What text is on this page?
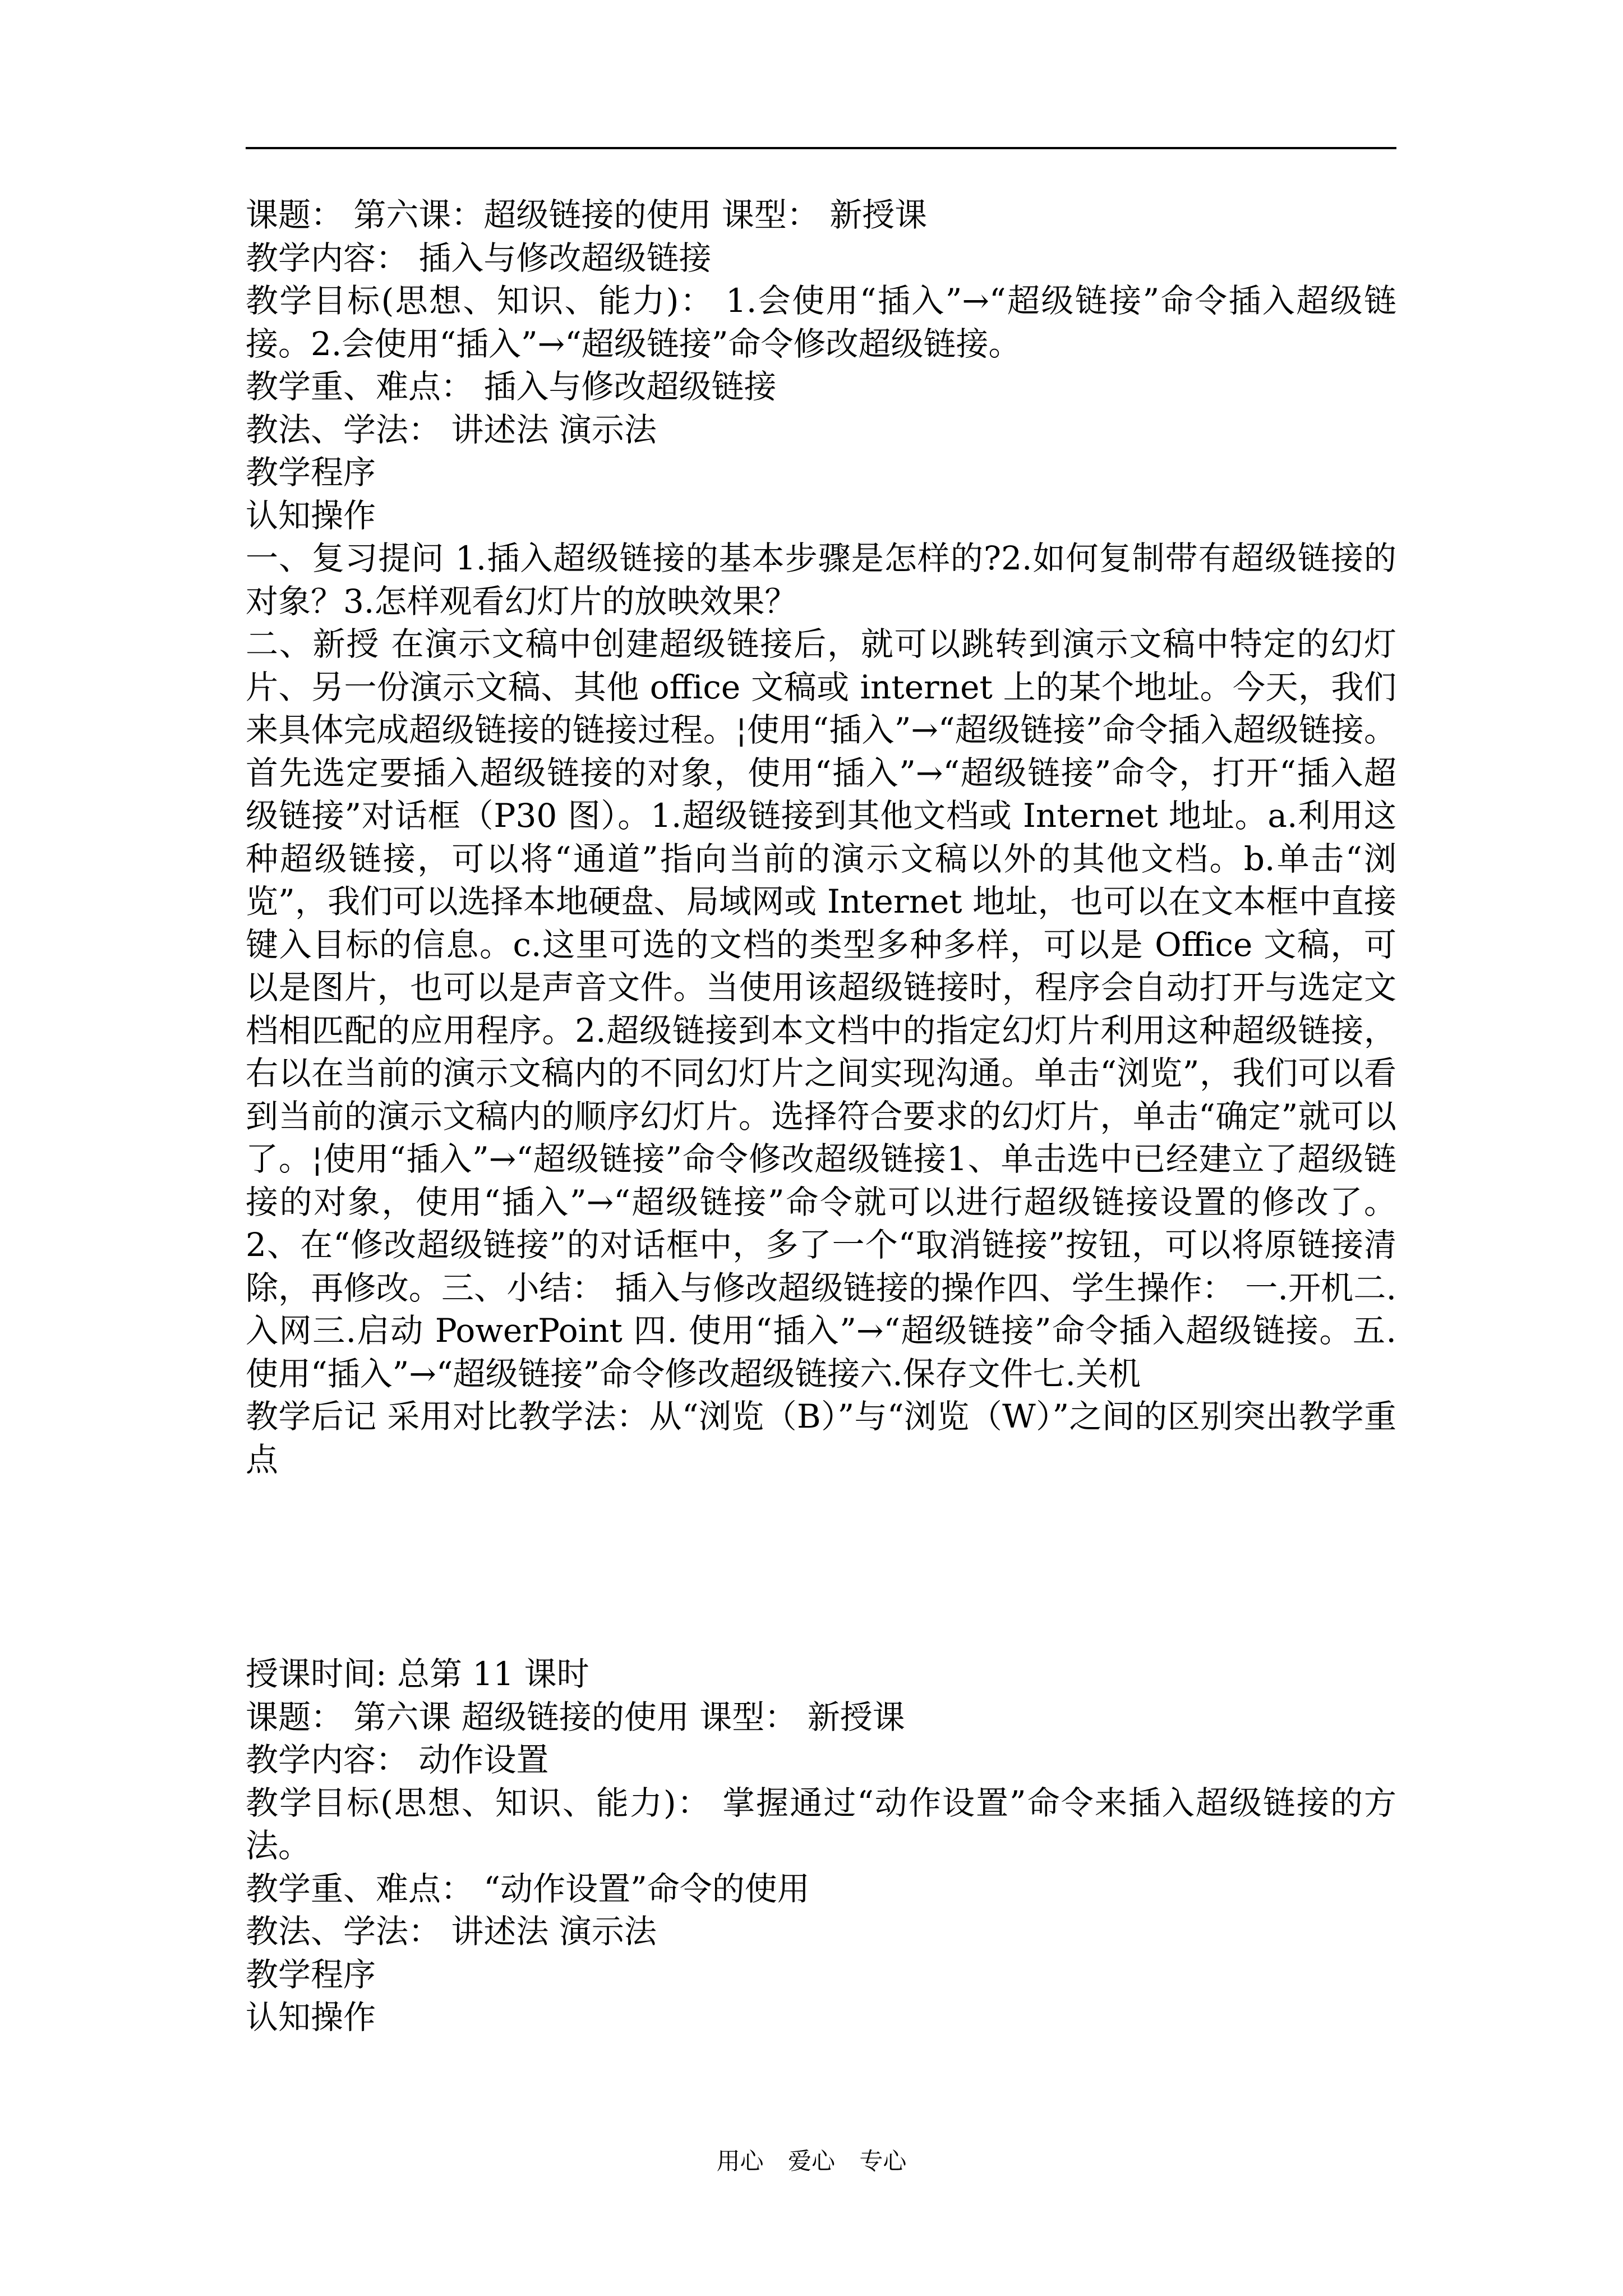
课题： 第六课：超级链接的使用 课型： 新授课

教学内容： 插入与修改超级链接

教学目标(思想、知识、能力)： 1.会使用“插入”→“超级链接”命令插入超级链接。2.会使用“插入”→“超级链接”命令修改超级链接。

教学重、难点： 插入与修改超级链接

教法、学法： 讲述法 演示法

教学程序

认知操作

一、复习提问 1.插入超级链接的基本步骤是怎样的?2.如何复制带有超级链接的对象？3.怎样观看幻灯片的放映效果？

二、新授 在演示文稿中创建超级链接后，就可以跳转到演示文稿中特定的幻灯片、另一份演示文稿、其他 office 文稿或 internet 上的某个地址。今天，我们来具体完成超级链接的链接过程。¦使用“插入”→“超级链接”命令插入超级链接。 首先选定要插入超级链接的对象，使用“插入”→“超级链接”命令，打开“插入超级链接”对话框（P30 图）。1.超级链接到其他文档或 Internet 地址。a.利用这种超级链接，可以将“通道”指向当前的演示文稿以外的其他文档。b.单击“浏览”，我们可以选择本地硬盘、局域网或 Internet 地址，也可以在文本框中直接键入目标的信息。c.这里可选的文档的类型多种多样，可以是 Office 文稿，可以是图片，也可以是声音文件。当使用该超级链接时，程序会自动打开与选定文档相匹配的应用程序。2.超级链接到本文档中的指定幻灯片利用这种超级链接，右以在当前的演示文稿内的不同幻灯片之间实现沟通。单击“浏览”，我们可以看到当前的演示文稿内的顺序幻灯片。选择符合要求的幻灯片，单击“确定”就可以了。¦使用“插入”→“超级链接”命令修改超级链接1、单击选中已经建立了超级链接的对象，使用“插入”→“超级链接”命令就可以进行超级链接设置的修改了。2、在“修改超级链接”的对话框中，多了一个“取消链接”按钮，可以将原链接清除，再修改。三、小结： 插入与修改超级链接的操作四、学生操作： 一.开机二.入网三.启动 PowerPoint 四. 使用“插入”→“超级链接”命令插入超级链接。五. 使用“插入”→“超级链接”命令修改超级链接六.保存文件七.关机

教学后记 采用对比教学法：从“浏览（B）”与“浏览（W）”之间的区别突出教学重点

授课时间: 总第 11 课时

课题： 第六课 超级链接的使用 课型： 新授课

教学内容： 动作设置

教学目标(思想、知识、能力)： 掌握通过“动作设置”命令来插入超级链接的方法。

教学重、难点： “动作设置”命令的使用

教法、学法： 讲述法 演示法

教学程序

认知操作

用心 爱心 专心
